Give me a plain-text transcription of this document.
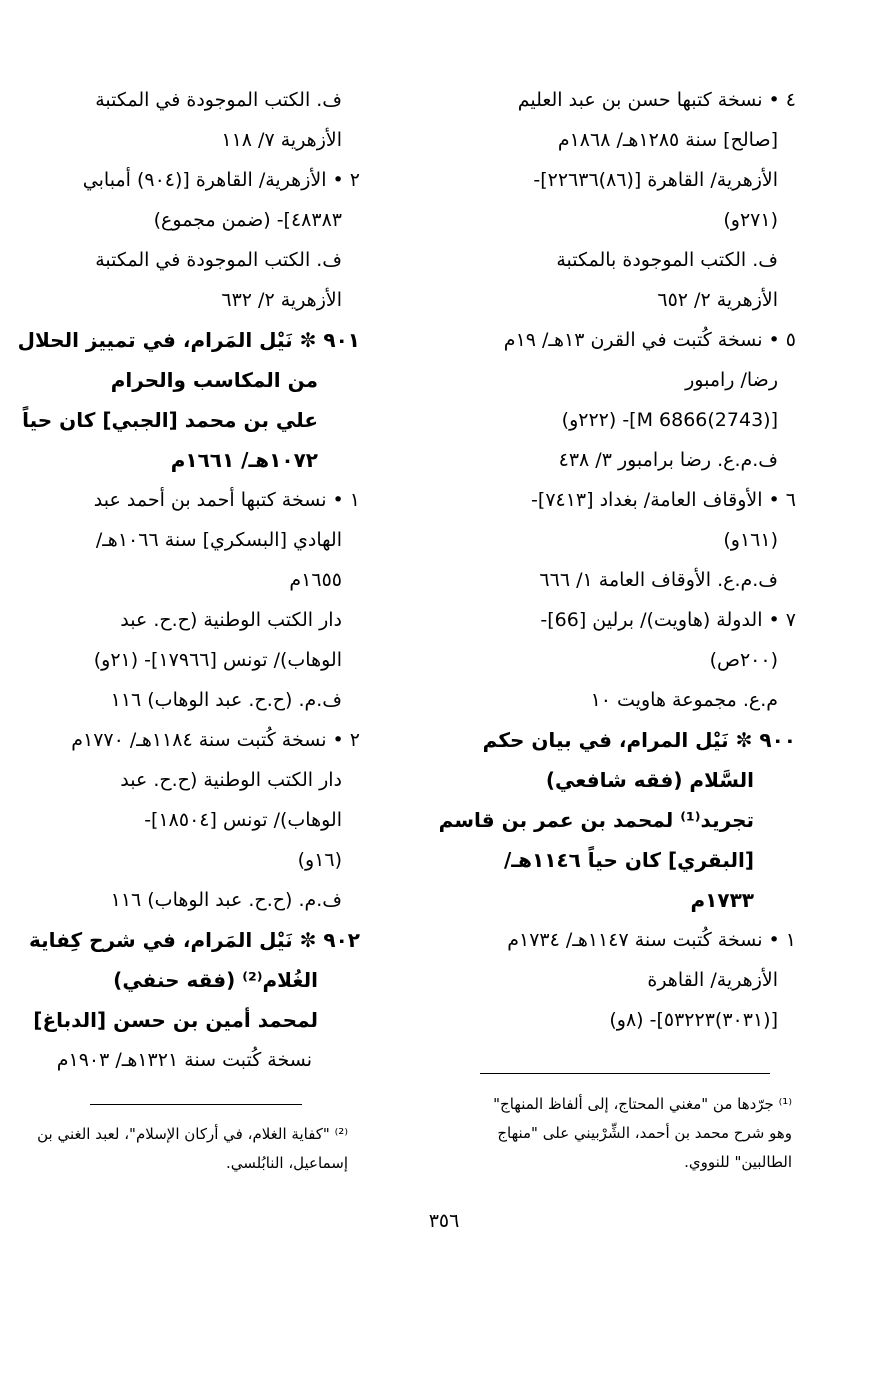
٤ • نسخة كتبها حسن بن عبد العليم
[صالح] سنة ١٢٨٥هـ/ ١٨٦٨م
الأزهرية/ القاهرة [(٨٦)٢٢٦٣٦]-
(٢٧١و)
ف. الكتب الموجودة بالمكتبة
الأزهرية ٢/ ٦٥٢
٥ • نسخة كُتبت في القرن ١٣هـ/ ١٩م
رضا/ رامبور
[M 6866(2743)]- (٢٢٢و)
ف.م.ع. رضا برامبور ٣/ ٤٣٨
٦ • الأوقاف العامة/ بغداد [٧٤١٣]-
(١٦١و)
ف.م.ع. الأوقاف العامة ١/ ٦٦٦
٧ • الدولة (هاويت)/ برلين [66]-
(٢٠٠ص)
م.ع. مجموعة هاويت ١٠
٩٠٠ ✼ نَيْل المرام، في بيان حكم
السَّلام (فقه شافعي)
تجريد⁽¹⁾ لمحمد بن عمر بن قاسم
[البقري] كان حياً ١١٤٦هـ/
١٧٣٣م
١ • نسخة كُتبت سنة ١١٤٧هـ/ ١٧٣٤م
الأزهرية/ القاهرة
[(٣٠٣١)٥٣٢٢٣]- (٨و)
ف. الكتب الموجودة في المكتبة
الأزهرية ٧/ ١١٨
٢ • الأزهرية/ القاهرة [(٩٠٤) أمبابي
٤٨٣٨٣]- (ضمن مجموع)
ف. الكتب الموجودة في المكتبة
الأزهرية ٢/ ٦٣٢
٩٠١ ✼ نَيْل المَرام، في تمييز الحلال
من المكاسب والحرام
علي بن محمد [الجبي] كان حياً
١٠٧٢هـ/ ١٦٦١م
١ • نسخة كتبها أحمد بن أحمد عبد
الهادي [البسكري] سنة ١٠٦٦هـ/
١٦٥٥م
دار الكتب الوطنية (ح.ح. عبد
الوهاب)/ تونس [١٧٩٦٦]- (٢١و)
ف.م. (ح.ح. عبد الوهاب) ١١٦
٢ • نسخة كُتبت سنة ١١٨٤هـ/ ١٧٧٠م
دار الكتب الوطنية (ح.ح. عبد
الوهاب)/ تونس [١٨٥٠٤]-
(١٦و)
ف.م. (ح.ح. عبد الوهاب) ١١٦
٩٠٢ ✼ نَيْل المَرام، في شرح كِفاية
الغُلام⁽²⁾ (فقه حنفي)
لمحمد أمين بن حسن [الدباغ]
نسخة كُتبت سنة ١٣٢١هـ/ ١٩٠٣م
⁽¹⁾ جرّدها من "مغني المحتاج، إلى ألفاظ المنهاج"
وهو شرح محمد بن أحمد، الشِّرْبيني على "منهاج
الطالبين" للنووي.
⁽²⁾ "كفاية الغلام، في أركان الإسلام"، لعبد الغني بن
إسماعيل، النابُلسي.
٣٥٦
